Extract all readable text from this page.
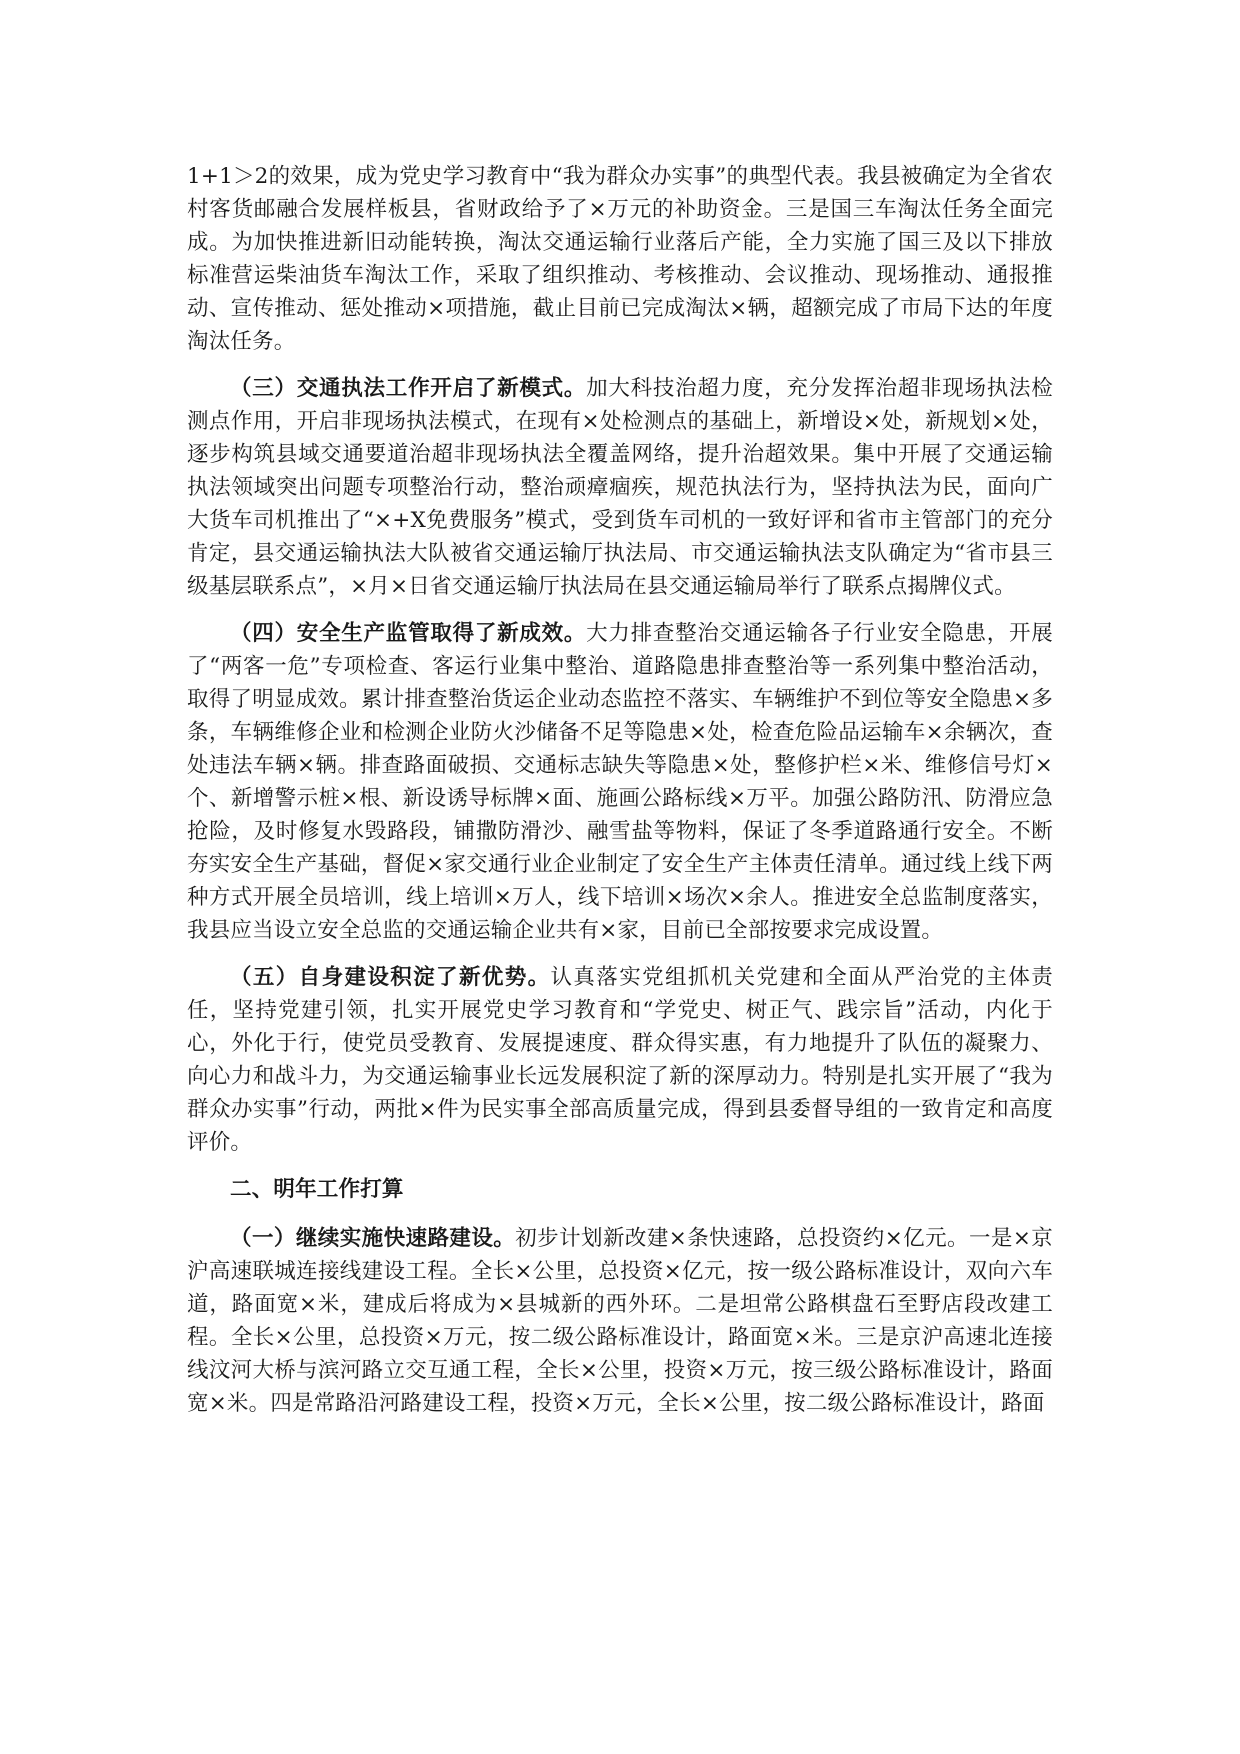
1+1＞2的效果，成为党史学习教育中“我为群众办实事”的典型代表。我县被确定为全省农村客货邮融合发展样板县，省财政给予了×万元的补助资金。三是国三车淘汰任务全面完成。为加快推进新旧动能转换，淘汰交通运输行业落后产能，全力实施了国三及以下排放标准营运柴油货车淘汰工作，采取了组织推动、考核推动、会议推动、现场推动、通报推动、宣传推动、惩处推动×项措施，截止目前已完成淘汰×辆，超额完成了市局下达的年度淘汰任务。

（三）交通执法工作开启了新模式。加大科技治超力度，充分发挥治超非现场执法检测点作用，开启非现场执法模式，在现有×处检测点的基础上，新增设×处，新规划×处，逐步构筑县域交通要道治超非现场执法全覆盖网络，提升治超效果。集中开展了交通运输执法领域突出问题专项整治行动，整治顽瘴痼疾，规范执法行为，坚持执法为民，面向广大货车司机推出了“×+X免费服务”模式，受到货车司机的一致好评和省市主管部门的充分肯定，县交通运输执法大队被省交通运输厅执法局、市交通运输执法支队确定为“省市县三级基层联系点”，×月×日省交通运输厅执法局在县交通运输局举行了联系点揭牌仪式。

（四）安全生产监管取得了新成效。大力排查整治交通运输各子行业安全隐患，开展了“两客一危”专项检查、客运行业集中整治、道路隐患排查整治等一系列集中整治活动，取得了明显成效。累计排查整治货运企业动态监控不落实、车辆维护不到位等安全隐患×多条，车辆维修企业和检测企业防火沙储备不足等隐患×处，检查危险品运输车×余辆次，查处违法车辆×辆。排查路面破损、交通标志缺失等隐患×处，整修护栏×米、维修信号灯×个、新增警示桩×根、新设诱导标牌×面、施画公路标线×万平。加强公路防汛、防滑应急抢险，及时修复水毁路段，铺撒防滑沙、融雪盐等物料，保证了冬季道路通行安全。不断夯实安全生产基础，督促×家交通行业企业制定了安全生产主体责任清单。通过线上线下两种方式开展全员培训，线上培训×万人，线下培训×场次×余人。推进安全总监制度落实，我县应当设立安全总监的交通运输企业共有×家，目前已全部按要求完成设置。

（五）自身建设积淀了新优势。认真落实党组抓机关党建和全面从严治党的主体责任，坚持党建引领，扎实开展党史学习教育和“学党史、树正气、践宗旨”活动，内化于心，外化于行，使党员受教育、发展提速度、群众得实惠，有力地提升了队伍的凝聚力、向心力和战斗力，为交通运输事业长远发展积淀了新的深厚动力。特别是扎实开展了“我为群众办实事”行动，两批×件为民实事全部高质量完成，得到县委督导组的一致肯定和高度评价。

二、明年工作打算

（一）继续实施快速路建设。初步计划新改建×条快速路，总投资约×亿元。一是×京沪高速联城连接线建设工程。全长×公里，总投资×亿元，按一级公路标准设计，双向六车道，路面宽×米，建成后将成为×县城新的西外环。二是坦常公路棋盘石至野店段改建工程。全长×公里，总投资×万元，按二级公路标准设计，路面宽×米。三是京沪高速北连接线汶河大桥与滨河路立交互通工程，全长×公里，投资×万元，按三级公路标准设计，路面宽×米。四是常路沿河路建设工程，投资×万元，全长×公里，按二级公路标准设计，路面
